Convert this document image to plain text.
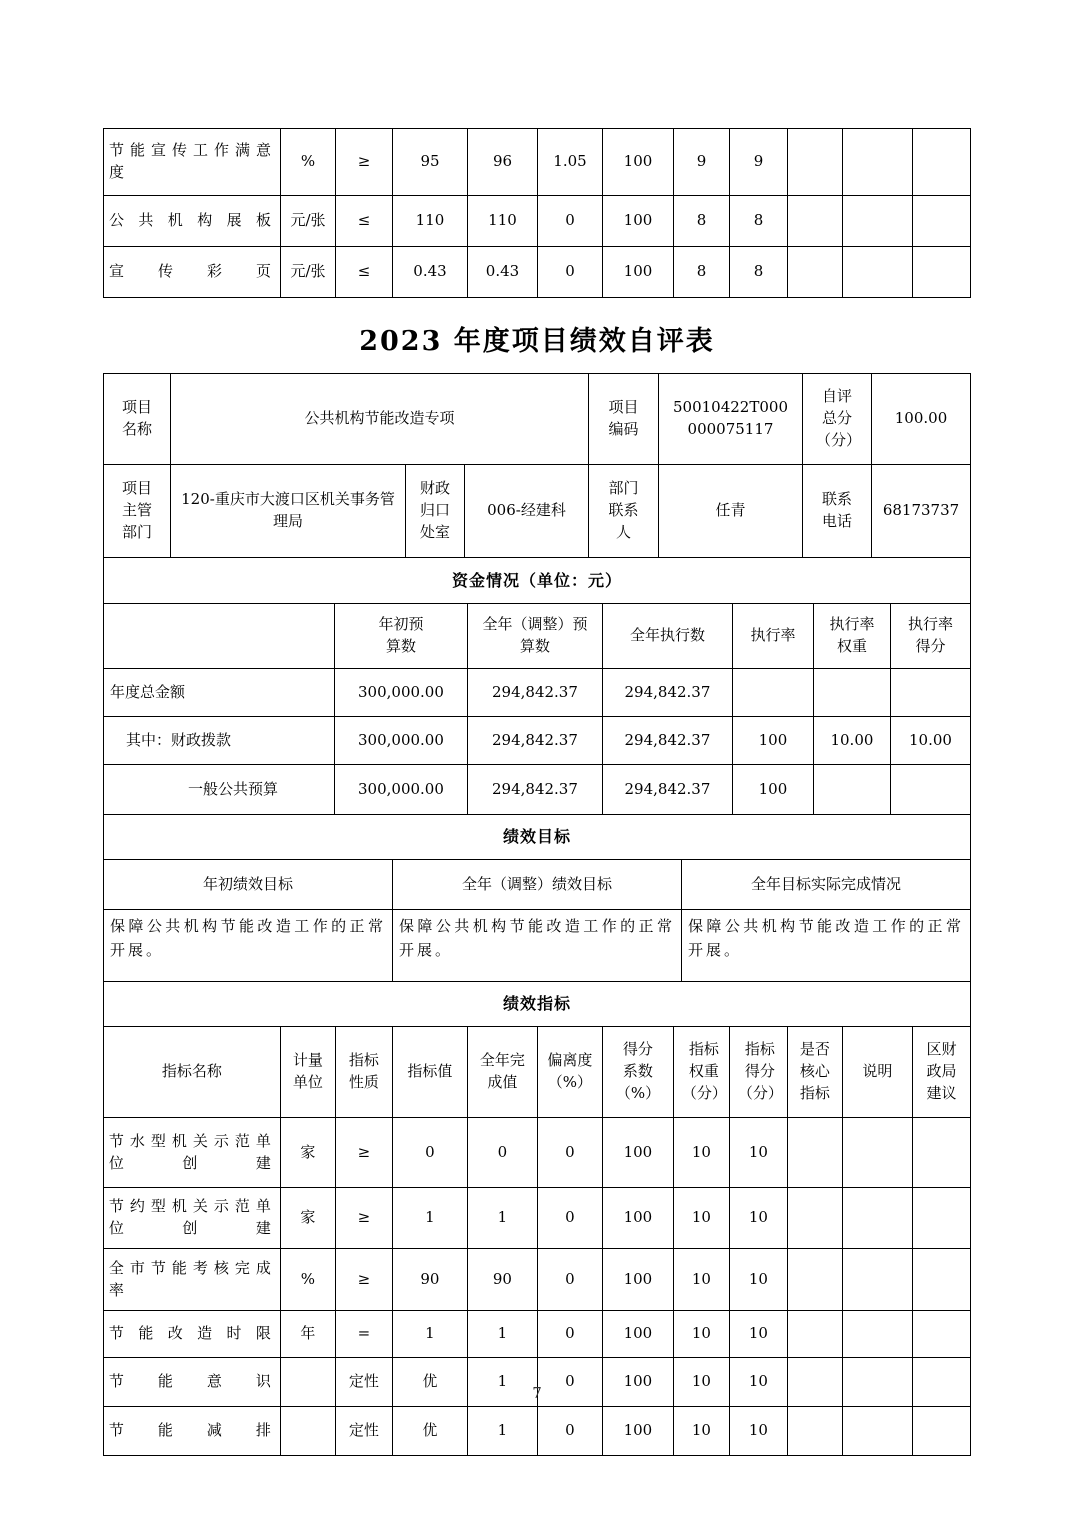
节能宣传工作满意度	%	≥	95	96	1.05	100	9	9			
公共机构展板	元/张	≤	110	110	0	100	8	8			
宣传彩页	元/张	≤	0.43	0.43	0	100	8	8			
2023 年度项目绩效自评表
项目名称	公共机构节能改造专项			项目编码	50010422T000000075117	自评总分（分）	100.00
项目主管部门	120-重庆市大渡口区机关事务管理局	财政归口处室	006-经建科	部门联系人	任青	联系电话	68173737
资金情况（单位：元）						
	年初预算数	全年（调整）预算数	全年执行数	执行率	执行率权重	执行率得分
年度总金额	300,000.00	294,842.37	294,842.37			
其中：财政拨款	300,000.00	294,842.37	294,842.37	100	10.00	10.00
一般公共预算	300,000.00	294,842.37	294,842.37	100		
绩效目标		
年初绩效目标	全年（调整）绩效目标	全年目标实际完成情况
保障公共机构节能改造工作的正常开展。	保障公共机构节能改造工作的正常开展。	保障公共机构节能改造工作的正常开展。
绩效指标											
指标名称	计量单位	指标性质	指标值	全年完成值	偏离度（%）	得分系数（%）	指标权重（分）	指标得分（分）	是否核心指标	说明	区财政局建议
节水型机关示范单位创建	家	≥	0	0	0	100	10	10			
节约型机关示范单位创建	家	≥	1	1	0	100	10	10			
全市节能考核完成率	%	≥	90	90	0	100	10	10			
节能改造时限	年	=	1	1	0	100	10	10			
节能意识		定性	优	1	0	100	10	10			
节能减排		定性	优	1	0	100	10	10			
7
